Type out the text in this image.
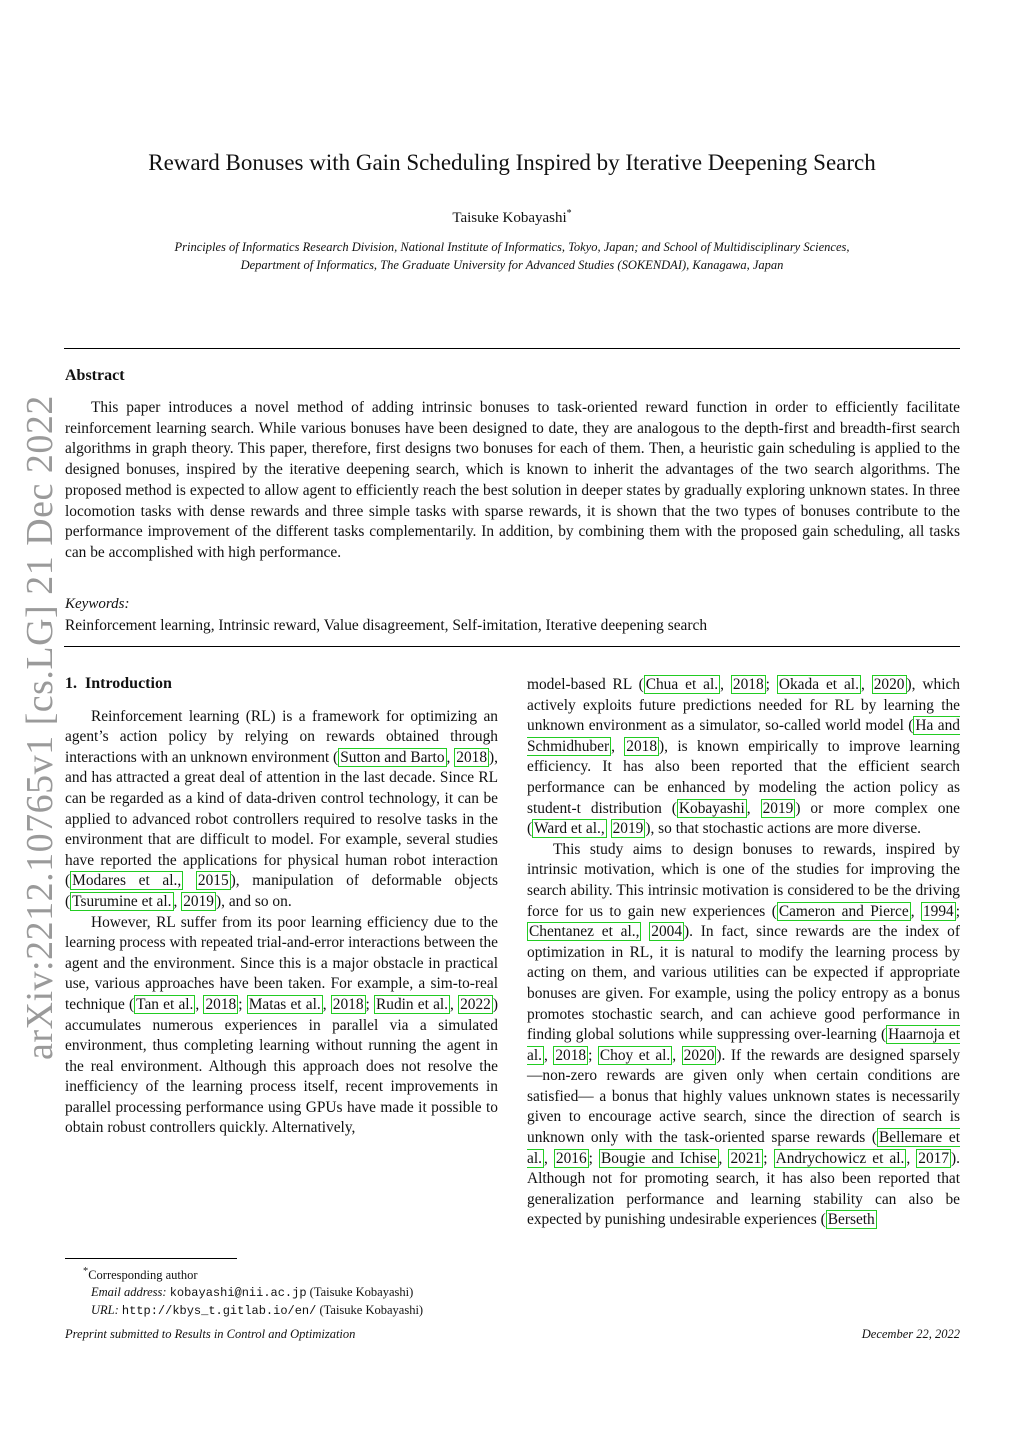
arXiv:2212.10765v1 [cs.LG] 21 Dec 2022
Reward Bonuses with Gain Scheduling Inspired by Iterative Deepening Search
Taisuke Kobayashi*
Principles of Informatics Research Division, National Institute of Informatics, Tokyo, Japan; and School of Multidisciplinary Sciences,
Department of Informatics, The Graduate University for Advanced Studies (SOKENDAI), Kanagawa, Japan
Abstract

This paper introduces a novel method of adding intrinsic bonuses to task-oriented reward function in order to efficiently facilitate reinforcement learning search. While various bonuses have been designed to date, they are analogous to the depth-first and breadth-first search algorithms in graph theory. This paper, therefore, first designs two bonuses for each of them. Then, a heuristic gain scheduling is applied to the designed bonuses, inspired by the iterative deepening search, which is known to inherit the advantages of the two search algorithms. The proposed method is expected to allow agent to efficiently reach the best solution in deeper states by gradually exploring unknown states. In three locomotion tasks with dense rewards and three simple tasks with sparse rewards, it is shown that the two types of bonuses contribute to the performance improvement of the different tasks complementarily. In addition, by combining them with the proposed gain scheduling, all tasks can be accomplished with high performance.

Keywords:
Reinforcement learning, Intrinsic reward, Value disagreement, Self-imitation, Iterative deepening search

1. Introduction

Reinforcement learning (RL) is a framework for optimizing an agent’s action policy by relying on rewards obtained through interactions with an unknown environment ( Sutton and Barto , 2018 ), and has attracted a great deal of attention in the last decade. Since RL can be regarded as a kind of data-driven control technology, it can be applied to advanced robot controllers required to resolve tasks in the environment that are difficult to model. For example, several studies have reported the applications for physical human robot interaction ( Modares et al., 2015 ), manipulation of deformable objects ( Tsurumine et al. , 2019 ), and so on.

However, RL suffer from its poor learning efficiency due to the learning process with repeated trial-and-error interactions between the agent and the environment. Since this is a major obstacle in practical use, various approaches have been taken. For example, a sim-to-real technique ( Tan et al. , 2018 ; Matas et al. , 2018 ; Rudin et al. , 2022 ) accumulates numerous experiences in parallel via a simulated environment, thus completing learning without running the agent in the real environment. Although this approach does not resolve the inefficiency of the learning process itself, recent improvements in parallel processing performance using GPUs have made it possible to obtain robust controllers quickly. Alternatively,

model-based RL ( Chua et al. , 2018 ; Okada et al. , 2020 ), which actively exploits future predictions needed for RL by learning the unknown environment as a simulator, so-called world model ( Ha and Schmidhuber , 2018 ), is known empirically to improve learning efficiency. It has also been reported that the efficient search performance can be enhanced by modeling the action policy as student-t distribution ( Kobayashi , 2019 ) or more complex one ( Ward et al., 2019 ), so that stochastic actions are more diverse.

This study aims to design bonuses to rewards, inspired by intrinsic motivation, which is one of the studies for improving the search ability. This intrinsic motivation is considered to be the driving force for us to gain new experiences ( Cameron and Pierce , 1994 ; Chentanez et al., 2004 ). In fact, since rewards are the index of optimization in RL, it is natural to modify the learning process by acting on them, and various utilities can be expected if appropriate bonuses are given. For example, using the policy entropy as a bonus promotes stochastic search, and can achieve good performance in finding global solutions while suppressing over-learning ( Haarnoja et al. , 2018 ; Choy et al. , 2020 ). If the rewards are designed sparsely —non-zero rewards are given only when certain conditions are satisfied— a bonus that highly values unknown states is necessarily given to encourage active search, since the direction of search is unknown only with the task-oriented sparse rewards ( Bellemare et al. , 2016 ; Bougie and Ichise , 2021 ; Andrychowicz et al. , 2017 ). Although not for promoting search, it has also been reported that generalization performance and learning stability can also be expected by punishing undesirable experiences ( Berseth

*Corresponding author
Email address: kobayashi@nii.ac.jp (Taisuke Kobayashi)
URL: http://kbys_t.gitlab.io/en/ (Taisuke Kobayashi)
Preprint submitted to Results in Control and Optimization	December 22, 2022
